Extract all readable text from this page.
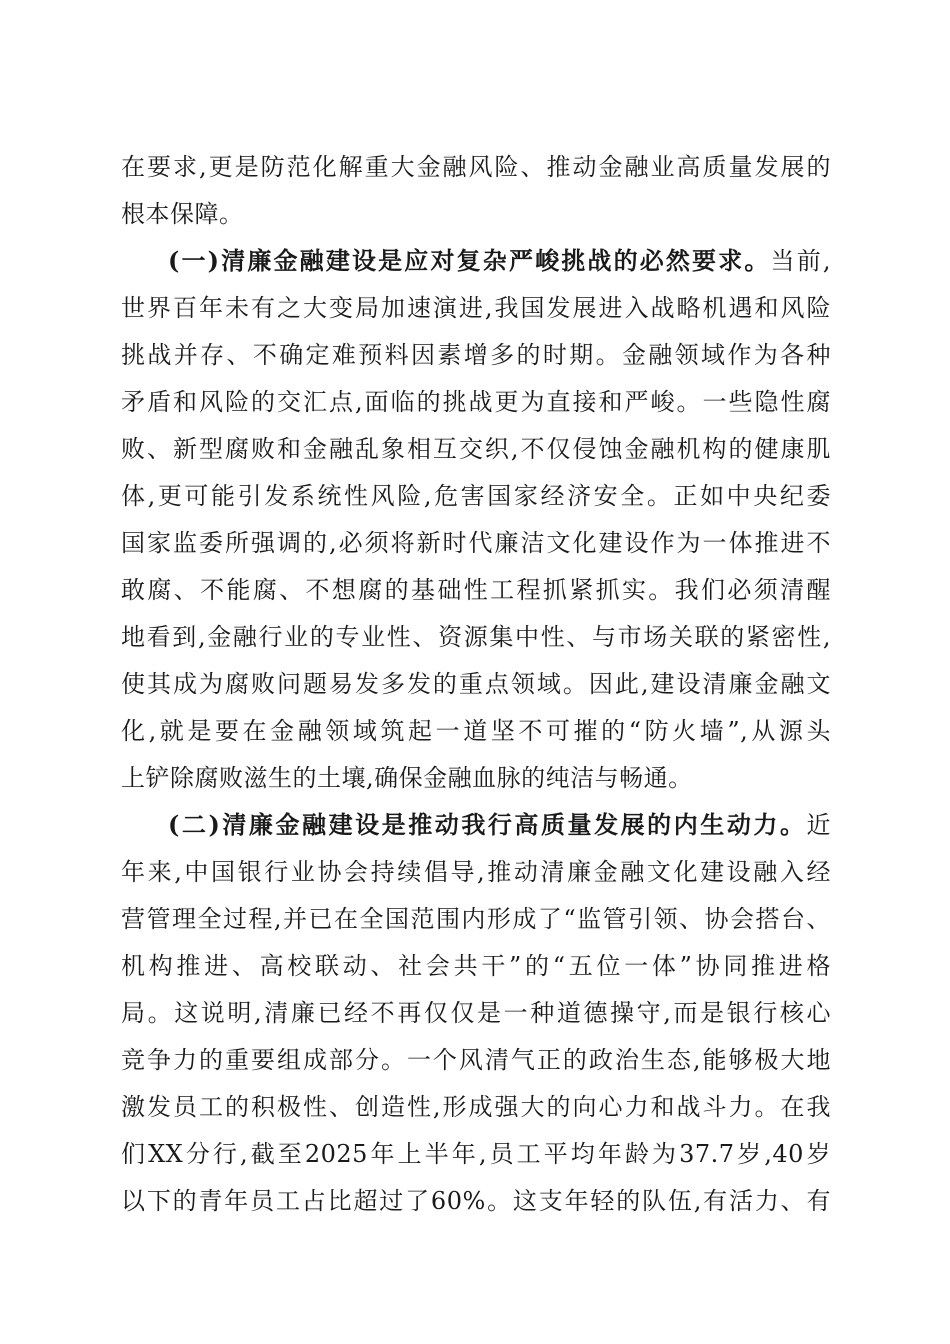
在要求,更是防范化解重大金融风险、推动金融业高质量发展的
根本保障。
(一)清廉金融建设是应对复杂严峻挑战的必然要求。当前,
世界百年未有之大变局加速演进,我国发展进入战略机遇和风险
挑战并存、不确定难预料因素增多的时期。金融领域作为各种
矛盾和风险的交汇点,面临的挑战更为直接和严峻。一些隐性腐
败、新型腐败和金融乱象相互交织,不仅侵蚀金融机构的健康肌
体,更可能引发系统性风险,危害国家经济安全。正如中央纪委
国家监委所强调的,必须将新时代廉洁文化建设作为一体推进不
敢腐、不能腐、不想腐的基础性工程抓紧抓实。我们必须清醒
地看到,金融行业的专业性、资源集中性、与市场关联的紧密性,
使其成为腐败问题易发多发的重点领域。因此,建设清廉金融文
化,就是要在金融领域筑起一道坚不可摧的“防火墙”,从源头
上铲除腐败滋生的土壤,确保金融血脉的纯洁与畅通。
(二)清廉金融建设是推动我行高质量发展的内生动力。近
年来,中国银行业协会持续倡导,推动清廉金融文化建设融入经
营管理全过程,并已在全国范围内形成了“监管引领、协会搭台、
机构推进、高校联动、社会共干”的“五位一体”协同推进格
局。这说明,清廉已经不再仅仅是一种道德操守,而是银行核心
竞争力的重要组成部分。一个风清气正的政治生态,能够极大地
激发员工的积极性、创造性,形成强大的向心力和战斗力。在我
们XX分行,截至2025年上半年,员工平均年龄为37.7岁,40岁
以下的青年员工占比超过了60%。这支年轻的队伍,有活力、有
